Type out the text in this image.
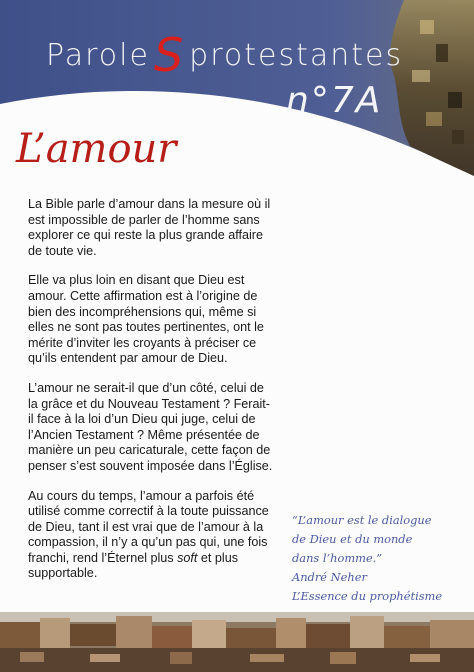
ParoleS protestantes
n°7A
L’amour

La Bible parle d’amour dans la mesure où il est impossible de parler de l’homme sans explorer ce qui reste la plus grande affaire de toute vie.

Elle va plus loin en disant que Dieu est amour. Cette affirmation est à l’origine de bien des incompréhensions qui, même si elles ne sont pas toutes pertinentes, ont le mérite d’inviter les croyants à préciser ce qu’ils entendent par amour de Dieu.

L’amour ne serait-il que d’un côté, celui de la grâce et du Nouveau Testament ? Ferait-il face à la loi d’un Dieu qui juge, celui de l’Ancien Testament ? Même présentée de manière un peu caricaturale, cette façon de penser s’est souvent imposée dans l’Église.

Au cours du temps, l’amour a parfois été utilisé comme correctif à la toute puissance de Dieu, tant il est vrai que de l’amour à la compassion, il n’y a qu’un pas qui, une fois franchi, rend l’Éternel plus soft et plus supportable.

“L’amour est le dialogue
de Dieu et du monde
dans l’homme.”
André Neher
L’Essence du prophétisme
